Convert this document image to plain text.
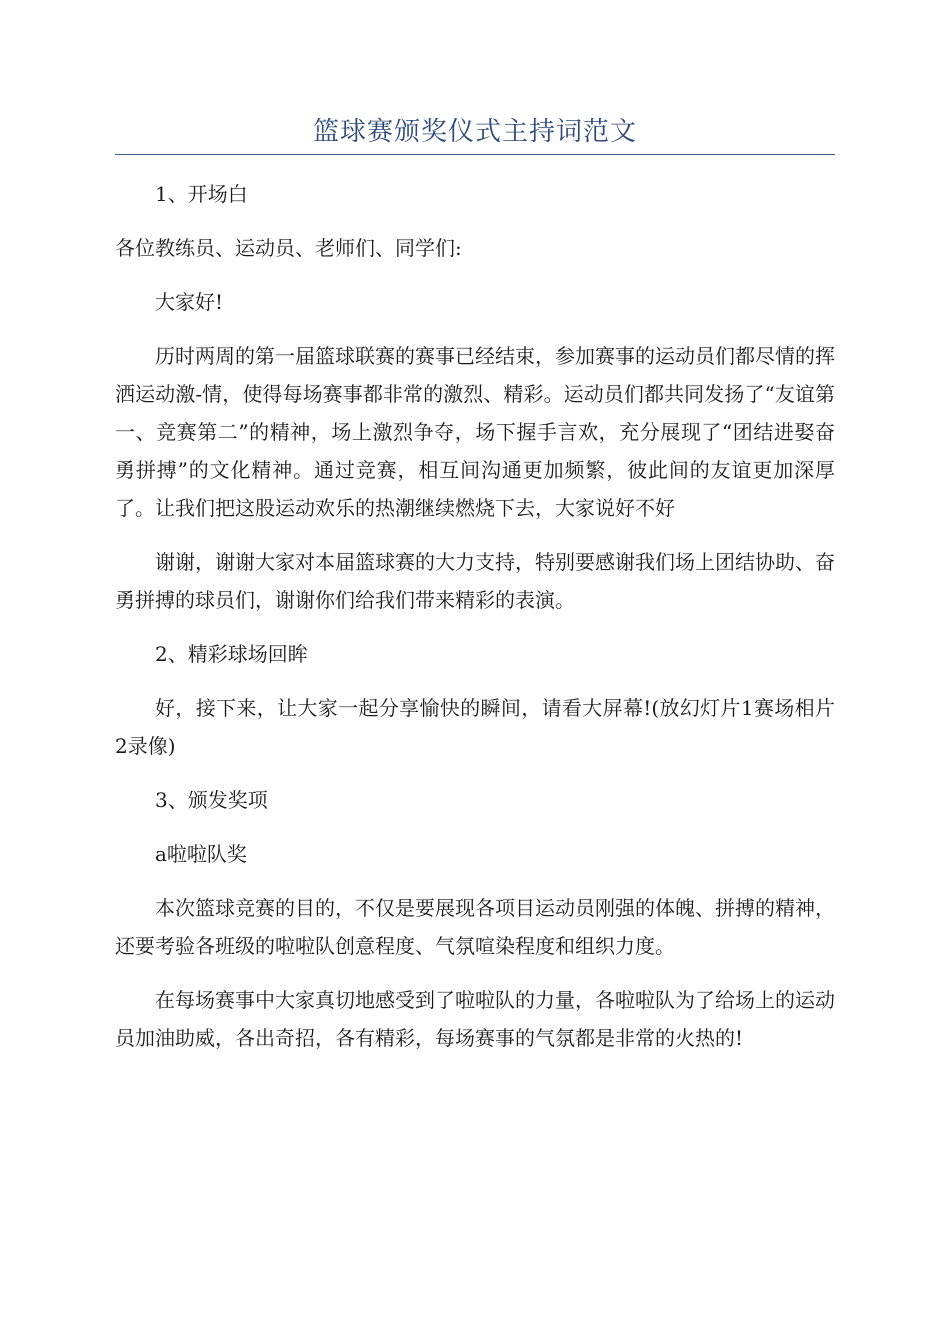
篮球赛颁奖仪式主持词范文

1、开场白

各位教练员、运动员、老师们、同学们:

大家好!

历时两周的第一届篮球联赛的赛事已经结束，参加赛事的运动员们都尽情的挥洒运动激-情，使得每场赛事都非常的激烈、精彩。运动员们都共同发扬了“友谊第一、竞赛第二”的精神，场上激烈争夺，场下握手言欢，充分展现了“团结进娶奋勇拼搏”的文化精神。通过竞赛，相互间沟通更加频繁，彼此间的友谊更加深厚了。让我们把这股运动欢乐的热潮继续燃烧下去，大家说好不好

谢谢，谢谢大家对本届篮球赛的大力支持，特别要感谢我们场上团结协助、奋勇拼搏的球员们，谢谢你们给我们带来精彩的表演。

2、精彩球场回眸

好，接下来，让大家一起分享愉快的瞬间，请看大屏幕!(放幻灯片1赛场相片2录像)

3、颁发奖项

a啦啦队奖

本次篮球竞赛的目的，不仅是要展现各项目运动员刚强的体魄、拼搏的精神，还要考验各班级的啦啦队创意程度、气氛喧染程度和组织力度。

在每场赛事中大家真切地感受到了啦啦队的力量，各啦啦队为了给场上的运动员加油助威，各出奇招，各有精彩，每场赛事的气氛都是非常的火热的!
